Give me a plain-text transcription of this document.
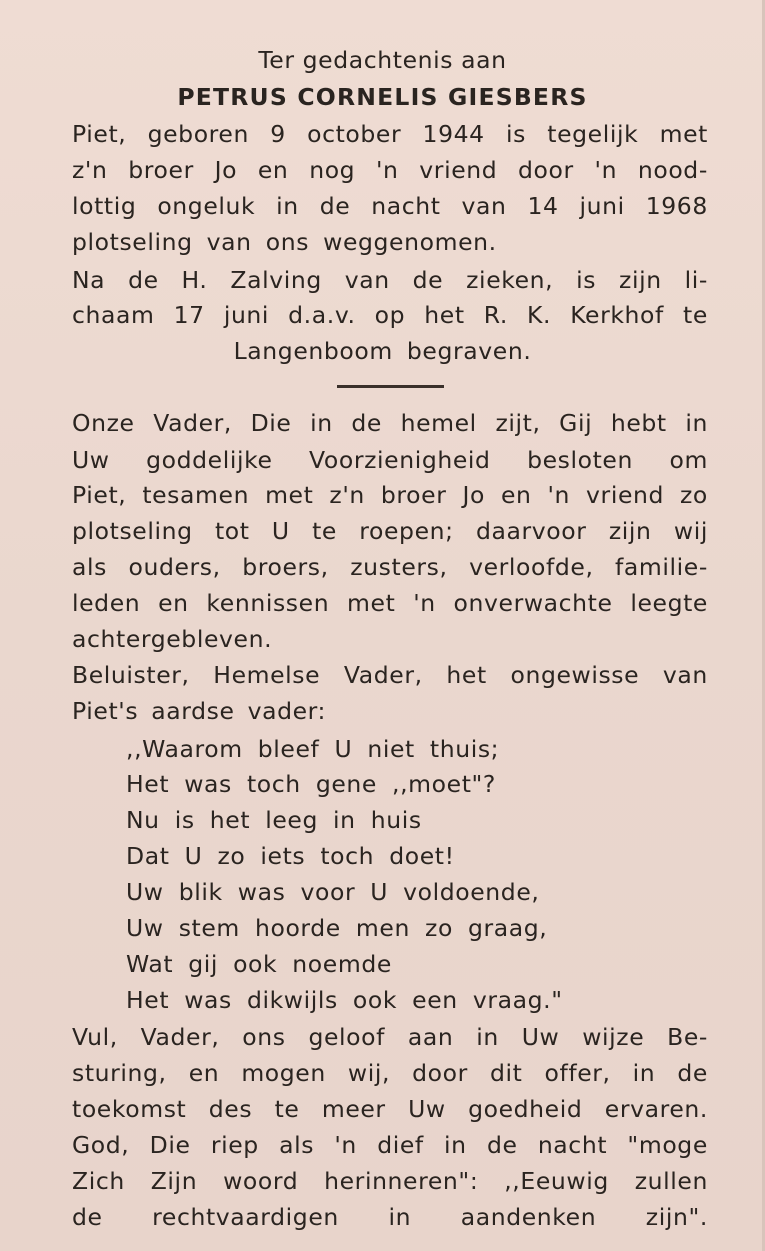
Ter gedachtenis aan
PETRUS CORNELIS GIESBERS
Piet, geboren 9 october 1944 is tegelijk met
z'n broer Jo en nog 'n vriend door 'n nood-
lottig ongeluk in de nacht van 14 juni 1968
plotseling van ons weggenomen.
Na de H. Zalving van de zieken, is zijn li-
chaam 17 juni d.a.v. op het R. K. Kerkhof te
Langenboom begraven.
Onze Vader, Die in de hemel zijt, Gij hebt in
Uw goddelijke Voorzienigheid besloten om
Piet, tesamen met z'n broer Jo en 'n vriend zo
plotseling tot U te roepen; daarvoor zijn wij
als ouders, broers, zusters, verloofde, familie-
leden en kennissen met 'n onverwachte leegte
achtergebleven.
Beluister, Hemelse Vader, het ongewisse van
Piet's aardse vader:
,,Waarom bleef U niet thuis;
Het was toch gene ,,moet"?
Nu is het leeg in huis
Dat U zo iets toch doet!
Uw blik was voor U voldoende,
Uw stem hoorde men zo graag,
Wat gij ook noemde
Het was dikwijls ook een vraag."
Vul, Vader, ons geloof aan in Uw wijze Be-
sturing, en mogen wij, door dit offer, in de
toekomst des te meer Uw goedheid ervaren.
God, Die riep als 'n dief in de nacht "moge
Zich Zijn woord herinneren": ,,Eeuwig zullen
de rechtvaardigen in aandenken zijn".
